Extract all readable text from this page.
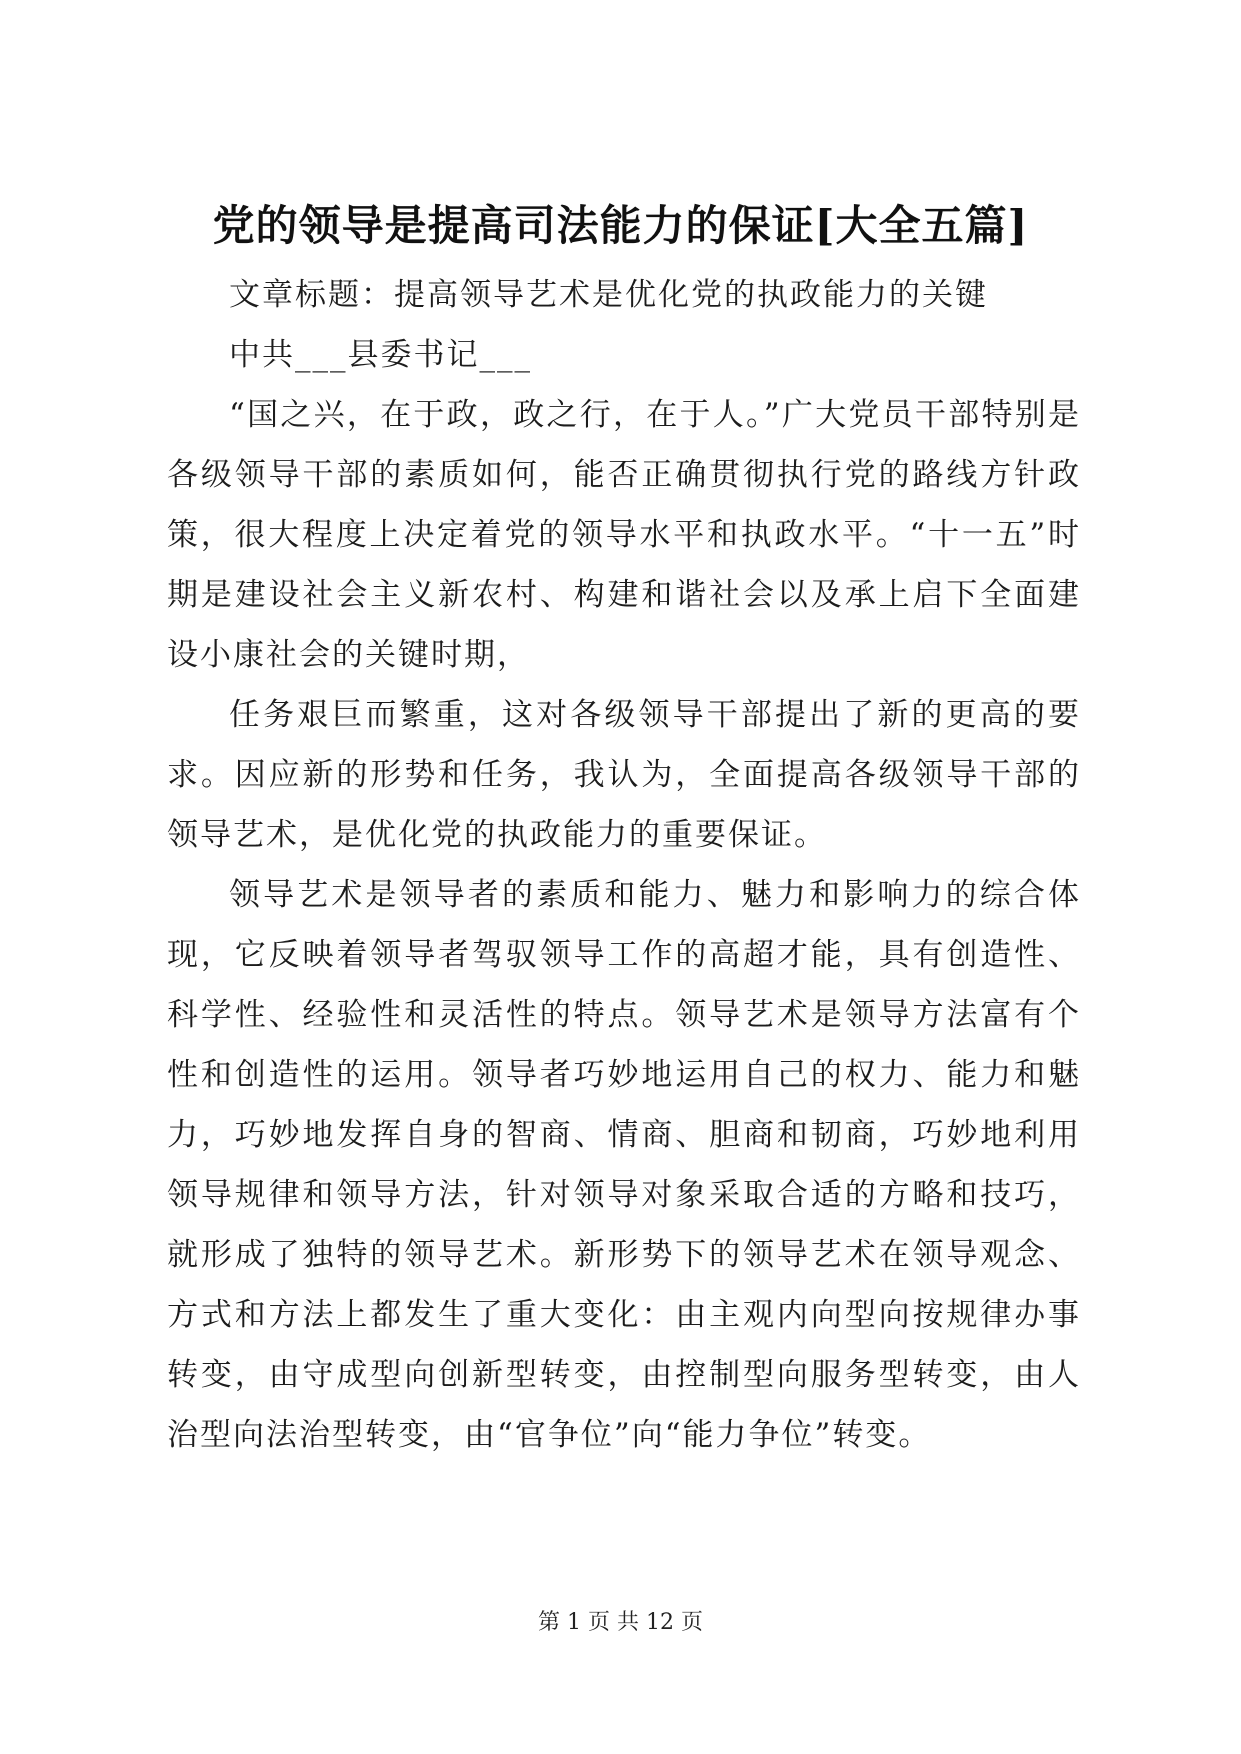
党的领导是提高司法能力的保证[大全五篇]

文章标题：提高领导艺术是优化党的执政能力的关键

中共___县委书记___

“国之兴，在于政，政之行，在于人。”广大党员干部特别是各级领导干部的素质如何，能否正确贯彻执行党的路线方针政策，很大程度上决定着党的领导水平和执政水平。“十一五”时期是建设社会主义新农村、构建和谐社会以及承上启下全面建设小康社会的关键时期，

任务艰巨而繁重，这对各级领导干部提出了新的更高的要求。因应新的形势和任务，我认为，全面提高各级领导干部的领导艺术，是优化党的执政能力的重要保证。

领导艺术是领导者的素质和能力、魅力和影响力的综合体现，它反映着领导者驾驭领导工作的高超才能，具有创造性、科学性、经验性和灵活性的特点。领导艺术是领导方法富有个性和创造性的运用。领导者巧妙地运用自己的权力、能力和魅力，巧妙地发挥自身的智商、情商、胆商和韧商，巧妙地利用领导规律和领导方法，针对领导对象采取合适的方略和技巧，就形成了独特的领导艺术。新形势下的领导艺术在领导观念、方式和方法上都发生了重大变化：由主观内向型向按规律办事转变，由守成型向创新型转变，由控制型向服务型转变，由人治型向法治型转变，由“官争位”向“能力争位”转变。

第 1 页 共 12 页
